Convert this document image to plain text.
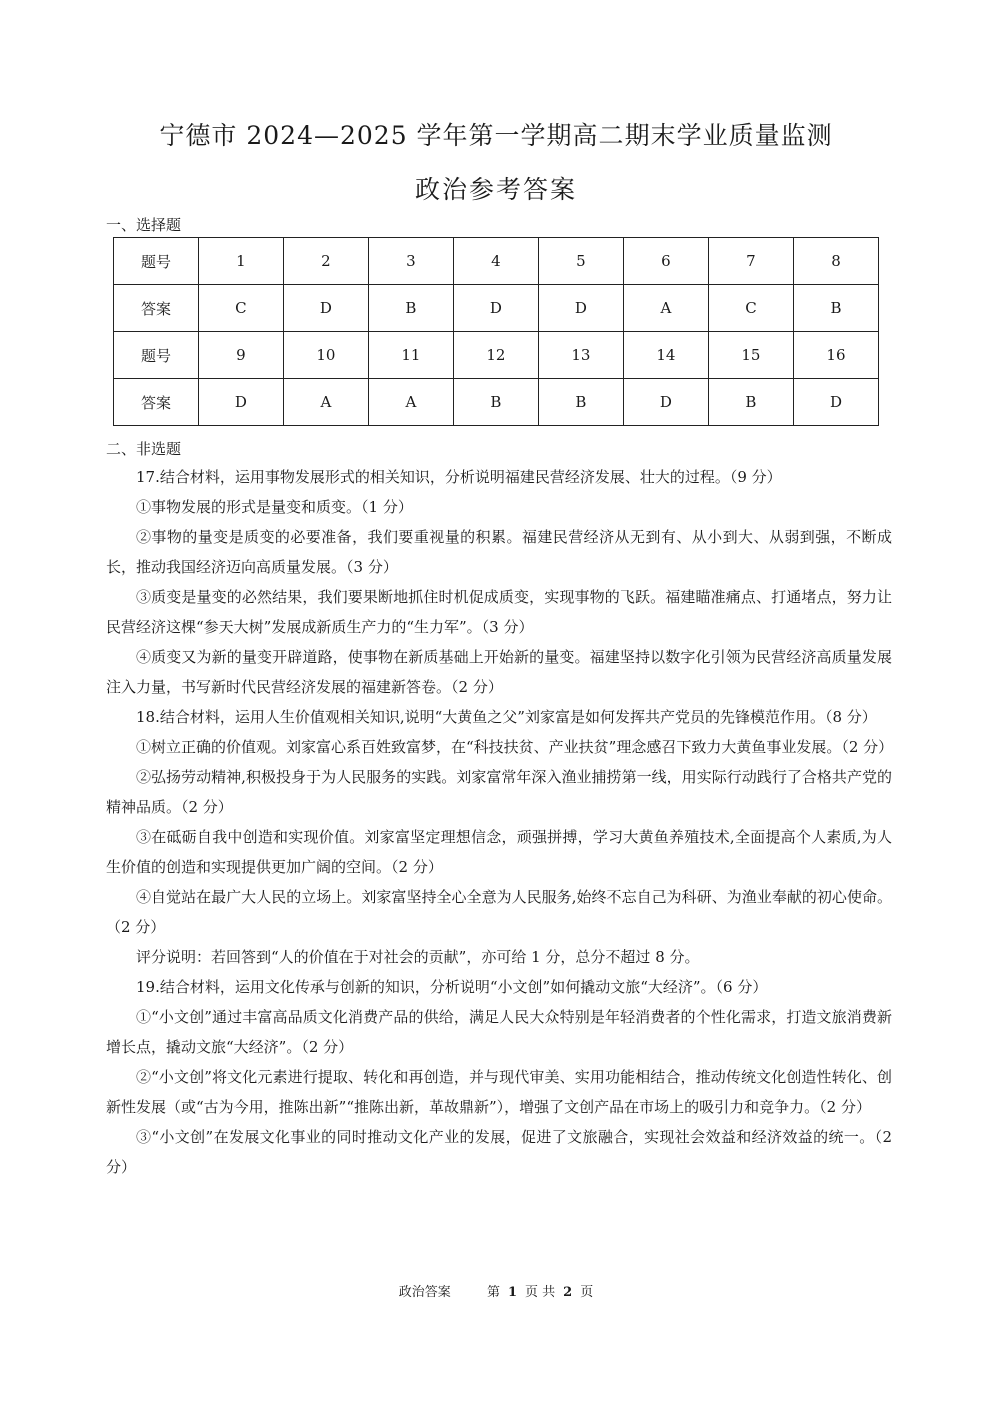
宁德市 2024—2025 学年第一学期高二期末学业质量监测
政治参考答案
一、选择题
题号	1	2	3	4	5	6	7	8
答案	C	D	B	D	D	A	C	B
题号	9	10	11	12	13	14	15	16
答案	D	A	A	B	B	D	B	D
二、非选题

17.结合材料，运用事物发展形式的相关知识，分析说明福建民营经济发展、壮大的过程。（9 分）

①事物发展的形式是量变和质变。（1 分）

②事物的量变是质变的必要准备，我们要重视量的积累。福建民营经济从无到有、从小到大、从弱到强，不断成长，推动我国经济迈向高质量发展。（3 分）

③质变是量变的必然结果，我们要果断地抓住时机促成质变，实现事物的飞跃。福建瞄准痛点、打通堵点，努力让民营经济这棵“参天大树”发展成新质生产力的“生力军”。（3 分）

④质变又为新的量变开辟道路，使事物在新质基础上开始新的量变。福建坚持以数字化引领为民营经济高质量发展注入力量，书写新时代民营经济发展的福建新答卷。（2 分）

18.结合材料，运用人生价值观相关知识,说明“大黄鱼之父”刘家富是如何发挥共产党员的先锋模范作用。（8 分）

①树立正确的价值观。刘家富心系百姓致富梦，在“科技扶贫、产业扶贫”理念感召下致力大黄鱼事业发展。（2 分）

②弘扬劳动精神,积极投身于为人民服务的实践。刘家富常年深入渔业捕捞第一线，用实际行动践行了合格共产党的精神品质。（2 分）

③在砥砺自我中创造和实现价值。刘家富坚定理想信念，顽强拼搏，学习大黄鱼养殖技术,全面提高个人素质,为人生价值的创造和实现提供更加广阔的空间。（2 分）

④自觉站在最广大人民的立场上。刘家富坚持全心全意为人民服务,始终不忘自己为科研、为渔业奉献的初心使命。（2 分）

评分说明：若回答到“人的价值在于对社会的贡献”，亦可给 1 分，总分不超过 8 分。

19.结合材料，运用文化传承与创新的知识，分析说明“小文创”如何撬动文旅“大经济”。（6 分）

①“小文创”通过丰富高品质文化消费产品的供给，满足人民大众特别是年轻消费者的个性化需求，打造文旅消费新增长点，撬动文旅“大经济”。（2 分）

②“小文创”将文化元素进行提取、转化和再创造，并与现代审美、实用功能相结合，推动传统文化创造性转化、创新性发展（或“古为今用，推陈出新”“推陈出新，革故鼎新”），增强了文创产品在市场上的吸引力和竞争力。（2 分）

③“小文创”在发展文化事业的同时推动文化产业的发展，促进了文旅融合，实现社会效益和经济效益的统一。（2 分）

政治答案	第 1 页 共 2 页
